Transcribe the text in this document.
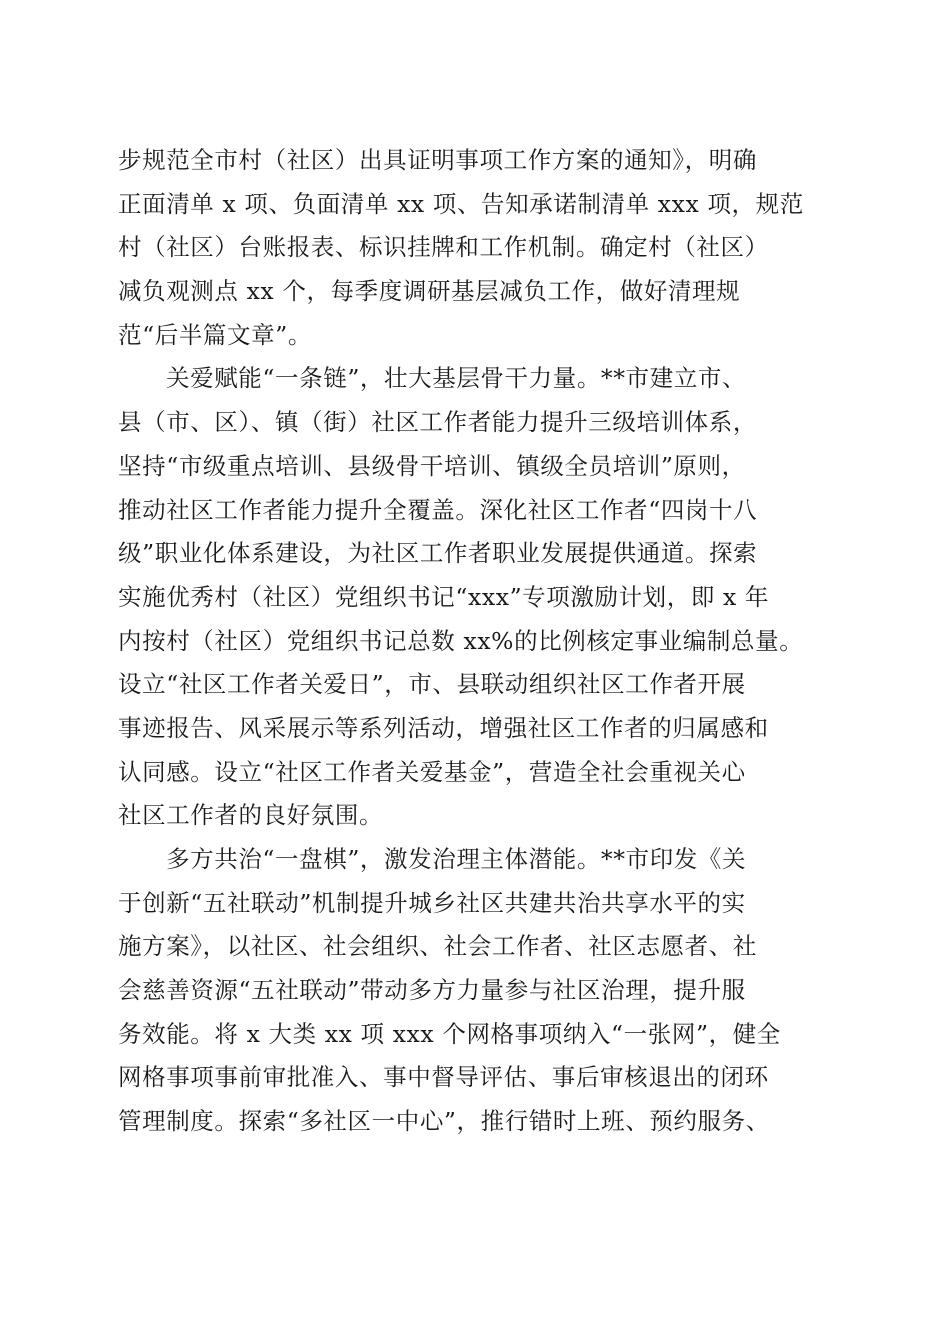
步规范全市村（社区）出具证明事项工作方案的通知》，明确
正面清单 x 项、负面清单 xx 项、告知承诺制清单 xxx 项，规范
村（社区）台账报表、标识挂牌和工作机制。确定村（社区）
减负观测点 xx 个，每季度调研基层减负工作，做好清理规
范“后半篇文章”。
关爱赋能“一条链”，壮大基层骨干力量。**市建立市、
县（市、区）、镇（街）社区工作者能力提升三级培训体系，
坚持“市级重点培训、县级骨干培训、镇级全员培训”原则，
推动社区工作者能力提升全覆盖。深化社区工作者“四岗十八
级”职业化体系建设，为社区工作者职业发展提供通道。探索
实施优秀村（社区）党组织书记“xxx”专项激励计划，即 x 年
内按村（社区）党组织书记总数 xx%的比例核定事业编制总量。
设立“社区工作者关爱日”，市、县联动组织社区工作者开展
事迹报告、风采展示等系列活动，增强社区工作者的归属感和
认同感。设立“社区工作者关爱基金”，营造全社会重视关心
社区工作者的良好氛围。
多方共治“一盘棋”，激发治理主体潜能。**市印发《关
于创新“五社联动”机制提升城乡社区共建共治共享水平的实
施方案》，以社区、社会组织、社会工作者、社区志愿者、社
会慈善资源“五社联动”带动多方力量参与社区治理，提升服
务效能。将 x 大类 xx 项 xxx 个网格事项纳入“一张网”，健全
网格事项事前审批准入、事中督导评估、事后审核退出的闭环
管理制度。探索“多社区一中心”，推行错时上班、预约服务、
